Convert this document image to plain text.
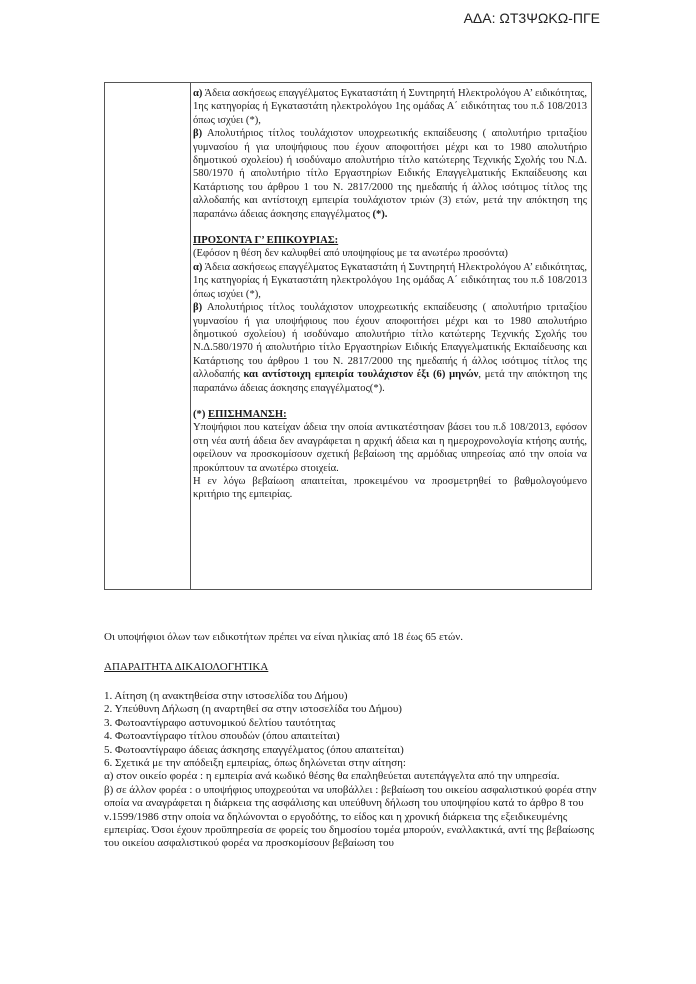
ΑΔΑ: ΩΤ3ΨΩΚΩ-ΠΓΕ

α) Άδεια ασκήσεως επαγγέλματος Εγκαταστάτη ή Συντηρητή Ηλεκτρολόγου Α’ ειδικότητας, 1ης κατηγορίας ή Εγκαταστάτη ηλεκτρολόγου 1ης ομάδας Α΄ ειδικότητας του π.δ 108/2013 όπως ισχύει (*),

β) Απολυτήριος τίτλος τουλάχιστον υποχρεωτικής εκπαίδευσης ( απολυτήριο τριταξίου γυμνασίου ή για υποψήφιους που έχουν αποφοιτήσει μέχρι και το 1980 απολυτήριο δημοτικού σχολείου) ή ισοδύναμο απολυτήριο τίτλο κατώτερης Τεχνικής Σχολής του Ν.Δ. 580/1970 ή απολυτήριο τίτλο Εργαστηρίων Ειδικής Επαγγελματικής Εκπαίδευσης και Κατάρτισης του άρθρου 1 του Ν. 2817/2000 της ημεδαπής ή άλλος ισότιμος τίτλος της αλλοδαπής και αντίστοιχη εμπειρία τουλάχιστον τριών (3) ετών, μετά την απόκτηση της παραπάνω άδειας άσκησης επαγγέλματος (*).

ΠΡΟΣΟΝΤΑ Γ’ ΕΠΙΚΟΥΡΙΑΣ:

(Εφόσον η θέση δεν καλυφθεί από υποψηφίους με τα ανωτέρω προσόντα)

α) Άδεια ασκήσεως επαγγέλματος Εγκαταστάτη ή Συντηρητή Ηλεκτρολόγου Α’ ειδικότητας, 1ης κατηγορίας ή Εγκαταστάτη ηλεκτρολόγου 1ης ομάδας Α΄ ειδικότητας του π.δ 108/2013 όπως ισχύει (*),

β) Απολυτήριος τίτλος τουλάχιστον υποχρεωτικής εκπαίδευσης ( απολυτήριο τριταξίου γυμνασίου ή για υποψήφιους που έχουν αποφοιτήσει μέχρι και το 1980 απολυτήριο δημοτικού σχολείου) ή ισοδύναμο απολυτήριο τίτλο κατώτερης Τεχνικής Σχολής του Ν.Δ.580/1970 ή απολυτήριο τίτλο Εργαστηρίων Ειδικής Επαγγελματικής Εκπαίδευσης και Κατάρτισης του άρθρου 1 του Ν. 2817/2000 της ημεδαπής ή άλλος ισότιμος τίτλος της αλλοδαπής και αντίστοιχη εμπειρία τουλάχιστον έξι (6) μηνών, μετά την απόκτηση της παραπάνω άδειας άσκησης επαγγέλματος(*).

(*) ΕΠΙΣΗΜΑΝΣΗ:

Υποψήφιοι που κατείχαν άδεια την οποία αντικατέστησαν βάσει του π.δ 108/2013, εφόσον στη νέα αυτή άδεια δεν αναγράφεται η αρχική άδεια και η ημεροχρονολογία κτήσης αυτής, οφείλουν να προσκομίσουν σχετική βεβαίωση της αρμόδιας υπηρεσίας από την οποία να προκύπτουν τα ανωτέρω στοιχεία.

Η εν λόγω βεβαίωση απαιτείται, προκειμένου να προσμετρηθεί το βαθμολογούμενο κριτήριο της εμπειρίας.

Οι υποψήφιοι όλων των ειδικοτήτων πρέπει να είναι ηλικίας από 18 έως 65 ετών.
ΑΠΑΡΑΙΤΗΤΑ ΔΙΚΑΙΟΛΟΓΗΤΙΚΑ

1. Αίτηση (η ανακτηθείσα στην ιστοσελίδα του Δήμου)

2. Υπεύθυνη Δήλωση (η αναρτηθεί σα στην ιστοσελίδα του Δήμου)

3. Φωτοαντίγραφο αστυνομικού δελτίου ταυτότητας

4. Φωτοαντίγραφο τίτλου σπουδών (όπου απαιτείται)

5. Φωτοαντίγραφο άδειας άσκησης επαγγέλματος (όπου απαιτείται)

6. Σχετικά με την απόδειξη εμπειρίας, όπως δηλώνεται στην αίτηση:

α) στον οικείο φορέα : η εμπειρία ανά κωδικό θέσης θα επαληθεύεται αυτεπάγγελτα από την υπηρεσία.

β) σε άλλον φορέα : ο υποψήφιος υποχρεούται να υποβάλλει : βεβαίωση του οικείου ασφαλιστικού φορέα στην οποία να αναγράφεται η διάρκεια της ασφάλισης και υπεύθυνη δήλωση του υποψηφίου κατά το άρθρο 8 του ν.1599/1986 στην οποία να δηλώνονται ο εργοδότης, το είδος και η χρονική διάρκεια της εξειδικευμένης εμπειρίας. Όσοι έχουν προϋπηρεσία σε φορείς του δημοσίου τομέα μπορούν, εναλλακτικά, αντί της βεβαίωσης του οικείου ασφαλιστικού φορέα να προσκομίσουν βεβαίωση του
